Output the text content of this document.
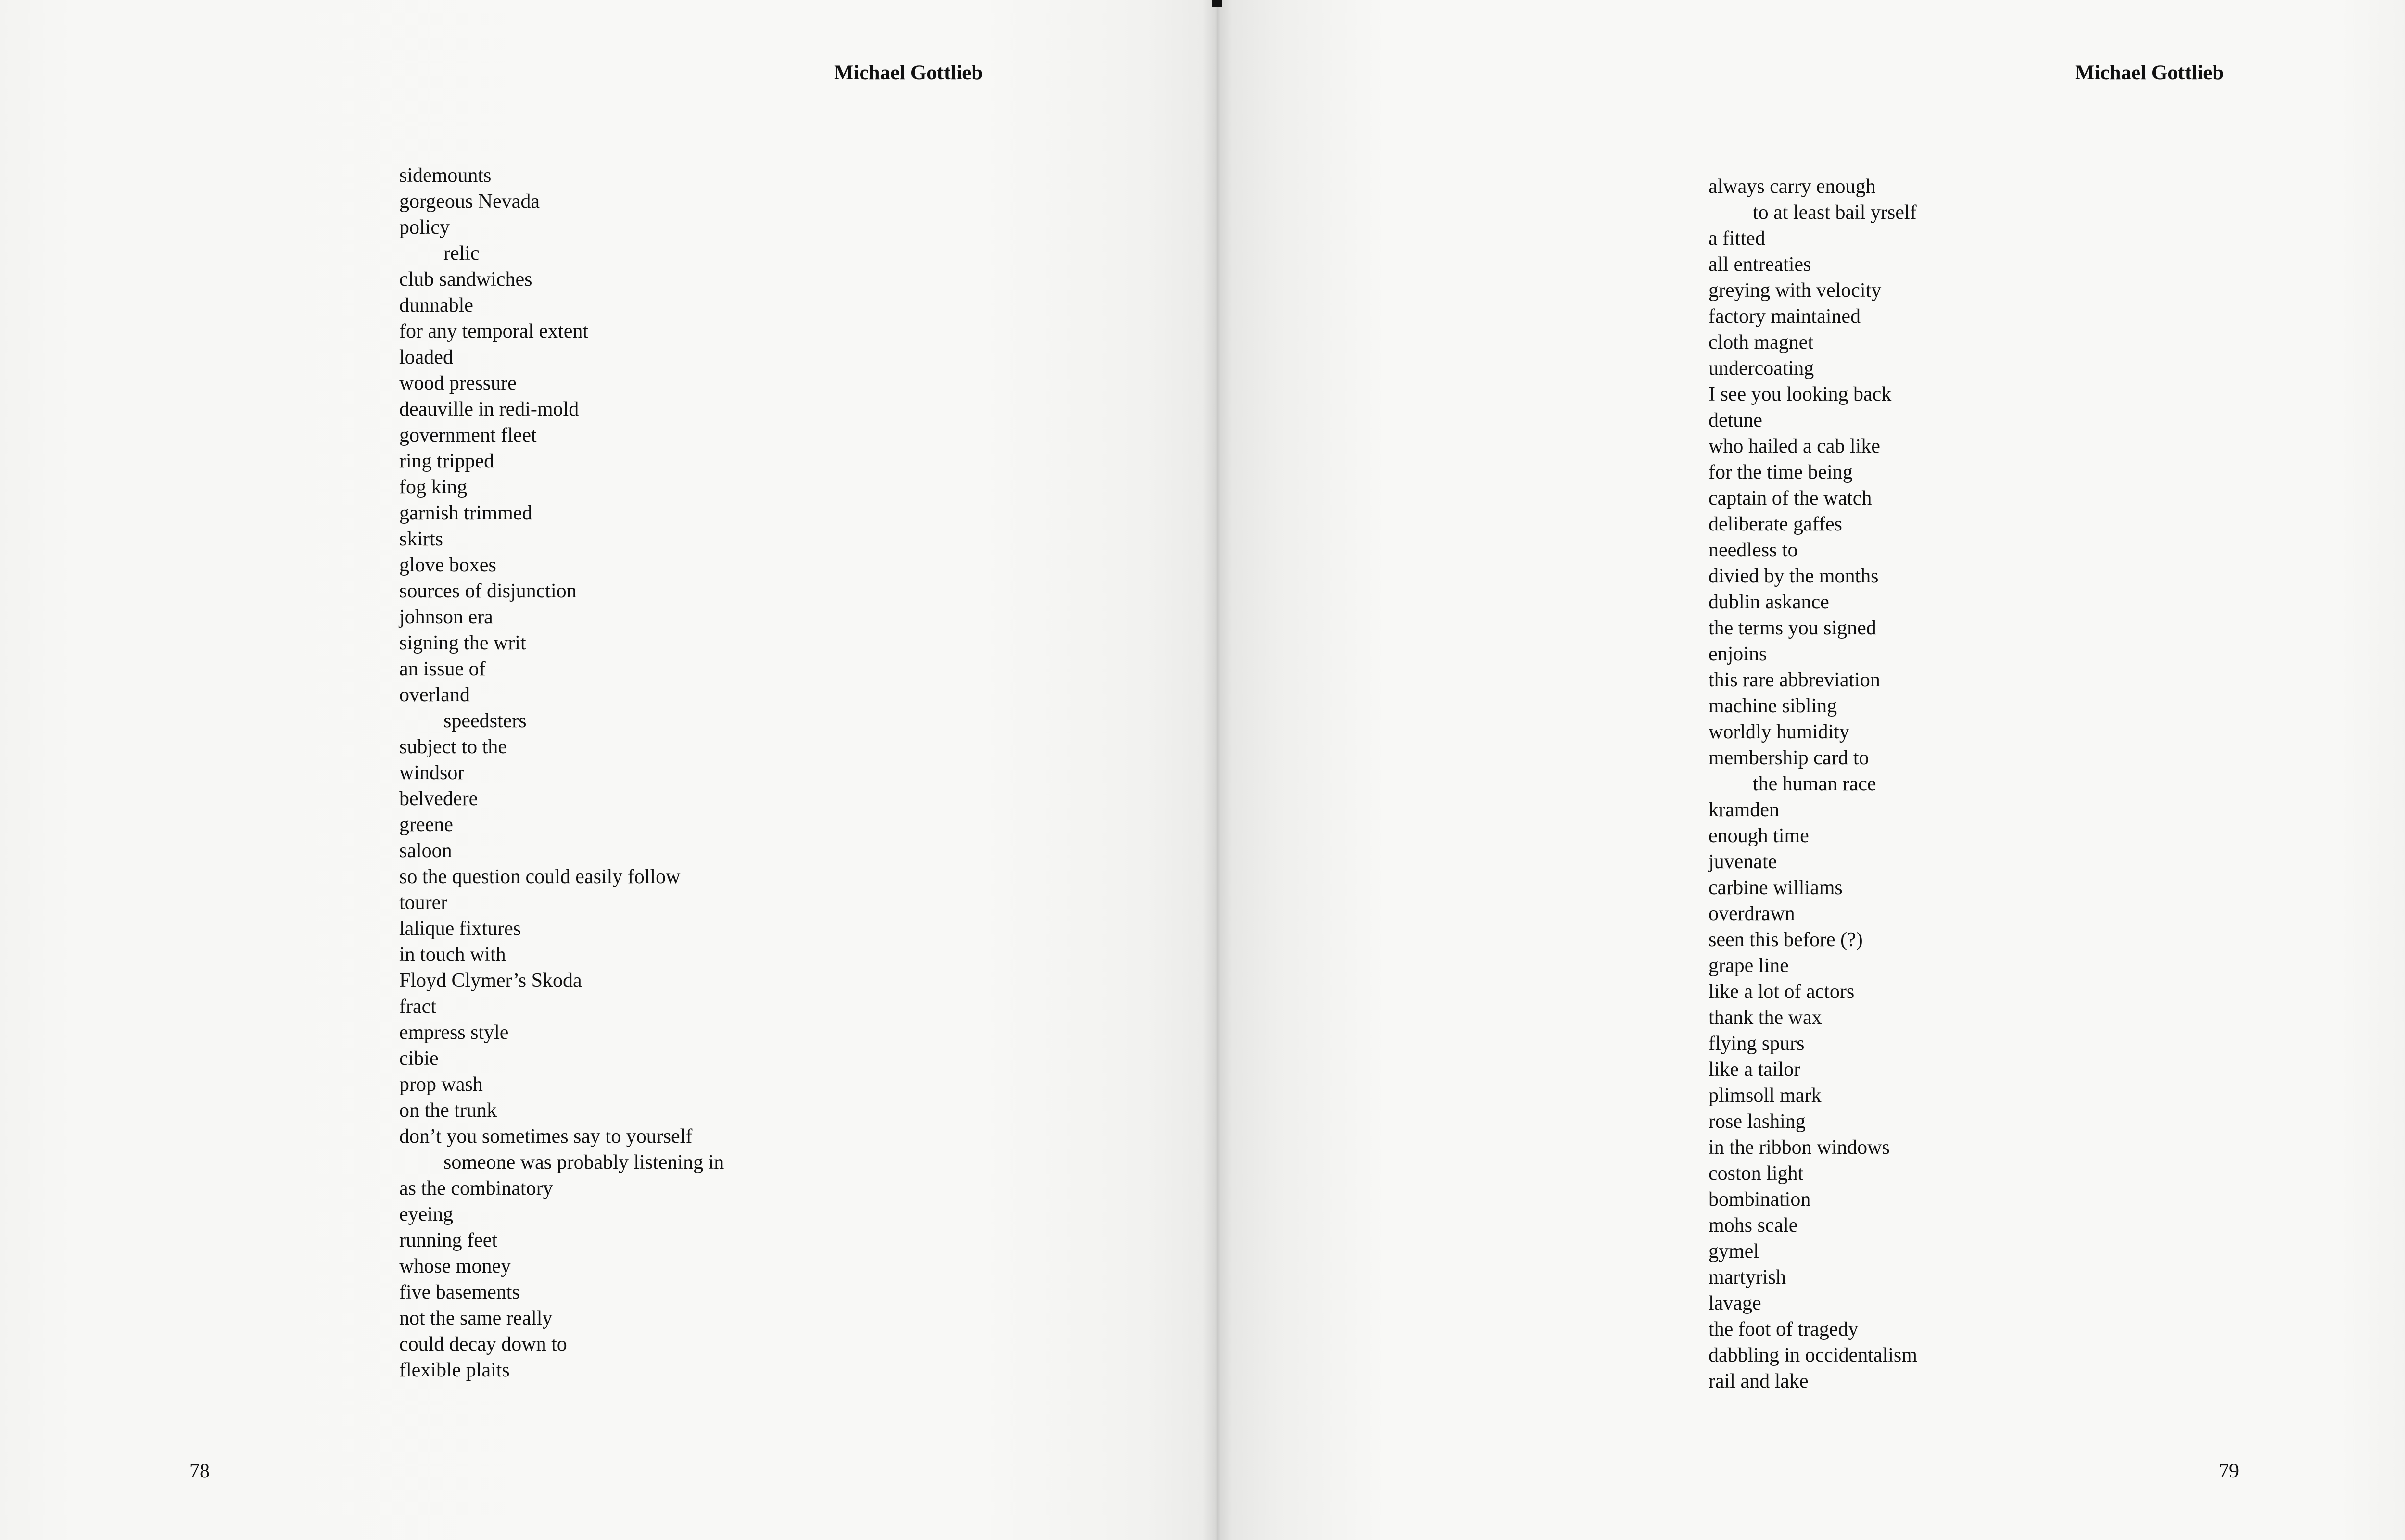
Michael Gottlieb
sidemounts
gorgeous Nevada
policy
relic
club sandwiches
dunnable
for any temporal extent
loaded
wood pressure
deauville in redi-mold
government fleet
ring tripped
fog king
garnish trimmed
skirts
glove boxes
sources of disjunction
johnson era
signing the writ
an issue of
overland
speedsters
subject to the
windsor
belvedere
greene
saloon
so the question could easily follow
tourer
lalique fixtures
in touch with
Floyd Clymer’s Skoda
fract
empress style
cibie
prop wash
on the trunk
don’t you sometimes say to yourself
someone was probably listening in
as the combinatory
eyeing
running feet
whose money
five basements
not the same really
could decay down to
flexible plaits
78
Michael Gottlieb
always carry enough
to at least bail yrself
a fitted
all entreaties
greying with velocity
factory maintained
cloth magnet
undercoating
I see you looking back
detune
who hailed a cab like
for the time being
captain of the watch
deliberate gaffes
needless to
divied by the months
dublin askance
the terms you signed
enjoins
this rare abbreviation
machine sibling
worldly humidity
membership card to
the human race
kramden
enough time
juvenate
carbine williams
overdrawn
seen this before (?)
grape line
like a lot of actors
thank the wax
flying spurs
like a tailor
plimsoll mark
rose lashing
in the ribbon windows
coston light
bombination
mohs scale
gymel
martyrish
lavage
the foot of tragedy
dabbling in occidentalism
rail and lake
79
